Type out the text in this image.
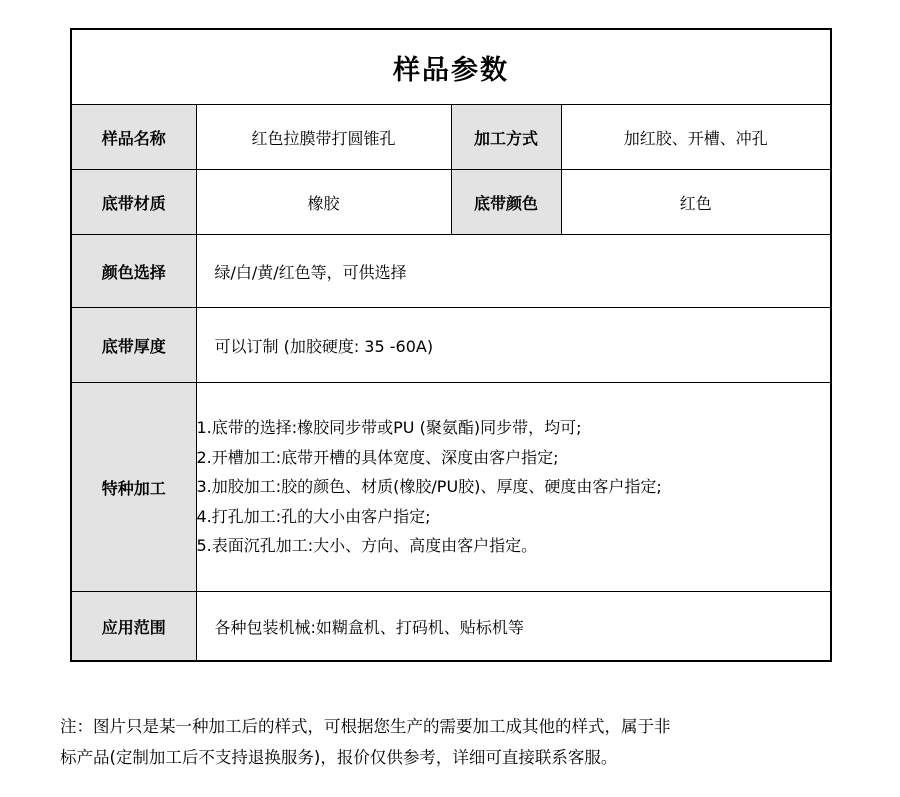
样品参数			
样品名称	红色拉膜带打圆锥孔	加工方式	加红胶、开槽、冲孔
底带材质	橡胶	底带颜色	红色
颜色选择	绿/白/黄/红色等，可供选择		
底带厚度	可以订制 (加胶硬度: 35 -60A)		
特种加工	1.底带的选择:橡胶同步带或PU (聚氨酯)同步带，均可;
2.开槽加工:底带开槽的具体宽度、深度由客户指定;
3.加胶加工:胶的颜色、材质(橡胶/PU胶)、厚度、硬度由客户指定;
4.打孔加工:孔的大小由客户指定;
5.表面沉孔加工:大小、方向、高度由客户指定。		

应用范围	各种包装机械:如糊盒机、打码机、贴标机等		
注：图片只是某一种加工后的样式，可根据您生产的需要加工成其他的样式，属于非
标产品(定制加工后不支持退换服务)，报价仅供参考，详细可直接联系客服。
